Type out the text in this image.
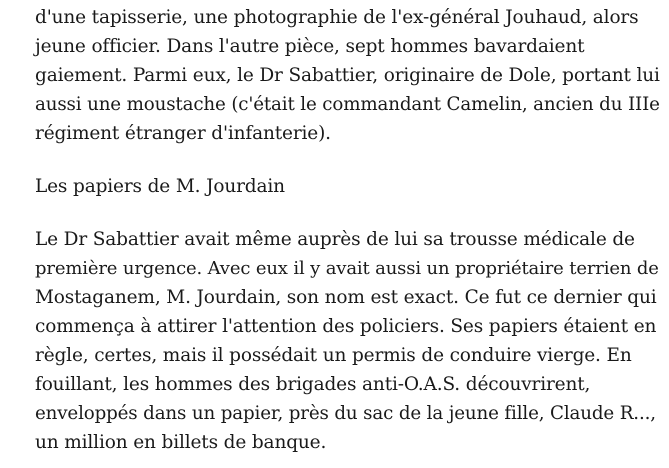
d'une tapisserie, une photographie de l'ex-général Jouhaud, alors
jeune officier. Dans l'autre pièce, sept hommes bavardaient
gaiement. Parmi eux, le Dr Sabattier, originaire de Dole, portant lui
aussi une moustache (c'était le commandant Camelin, ancien du IIIe
régiment étranger d'infanterie).

Les papiers de M. Jourdain

Le Dr Sabattier avait même auprès de lui sa trousse médicale de
première urgence. Avec eux il y avait aussi un propriétaire terrien de
Mostaganem, M. Jourdain, son nom est exact. Ce fut ce dernier qui
commença à attirer l'attention des policiers. Ses papiers étaient en
règle, certes, mais il possédait un permis de conduire vierge. En
fouillant, les hommes des brigades anti-O.A.S. découvrirent,
enveloppés dans un papier, près du sac de la jeune fille, Claude R...,
un million en billets de banque.
